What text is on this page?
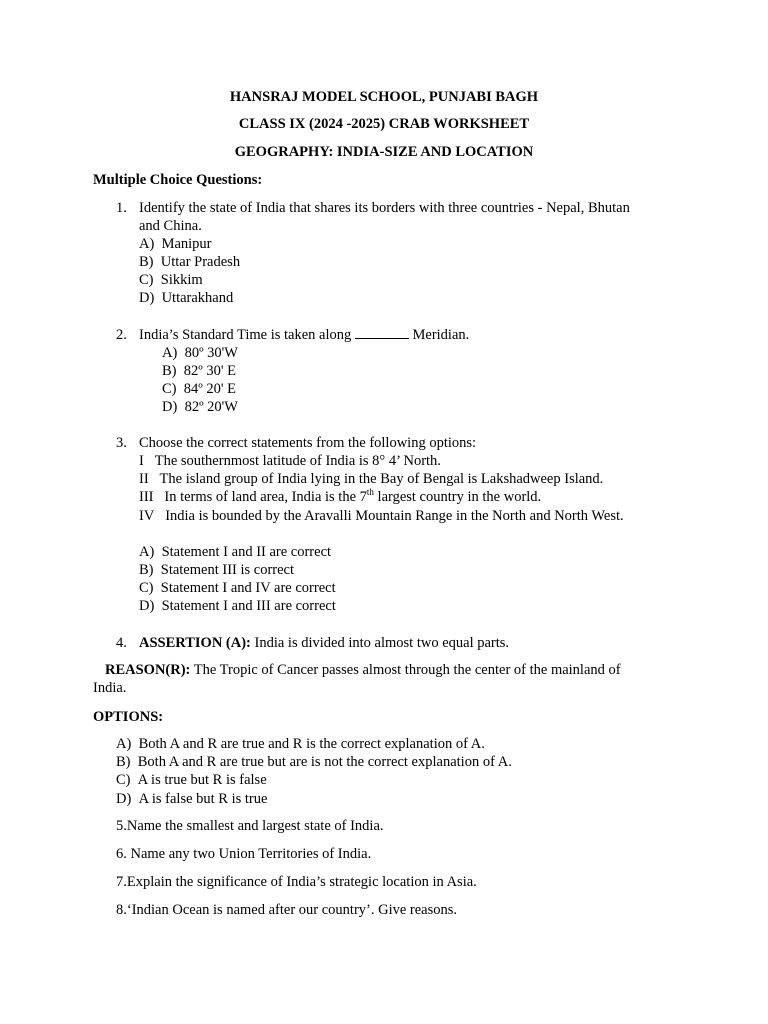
HANSRAJ MODEL SCHOOL, PUNJABI BAGH
CLASS IX (2024 -2025) CRAB WORKSHEET
GEOGRAPHY: INDIA-SIZE AND LOCATION
Multiple Choice Questions:
1. Identify the state of India that shares its borders with three countries - Nepal, Bhutan
and China.
A) Manipur
B) Uttar Pradesh
C) Sikkim
D) Uttarakhand
2. India’s Standard Time is taken along	Meridian.
A) 80º 30'W
B) 82º 30' E
C) 84º 20' E
D) 82º 20'W
3. Choose the correct statements from the following options:
I The southernmost latitude of India is 8° 4’ North.
II The island group of India lying in the Bay of Bengal is Lakshadweep Island.
III In terms of land area, India is the 7th largest country in the world.
IV India is bounded by the Aravalli Mountain Range in the North and North West.
A) Statement I and II are correct
B) Statement III is correct
C) Statement I and IV are correct
D) Statement I and III are correct
4. ASSERTION (A): India is divided into almost two equal parts.
REASON(R): The Tropic of Cancer passes almost through the center of the mainland of
India.
OPTIONS:
A) Both A and R are true and R is the correct explanation of A.
B) Both A and R are true but are is not the correct explanation of A.
C) A is true but R is false
D) A is false but R is true
5.Name the smallest and largest state of India.
6. Name any two Union Territories of India.
7.Explain the significance of India’s strategic location in Asia.
8.‘Indian Ocean is named after our country’. Give reasons.
